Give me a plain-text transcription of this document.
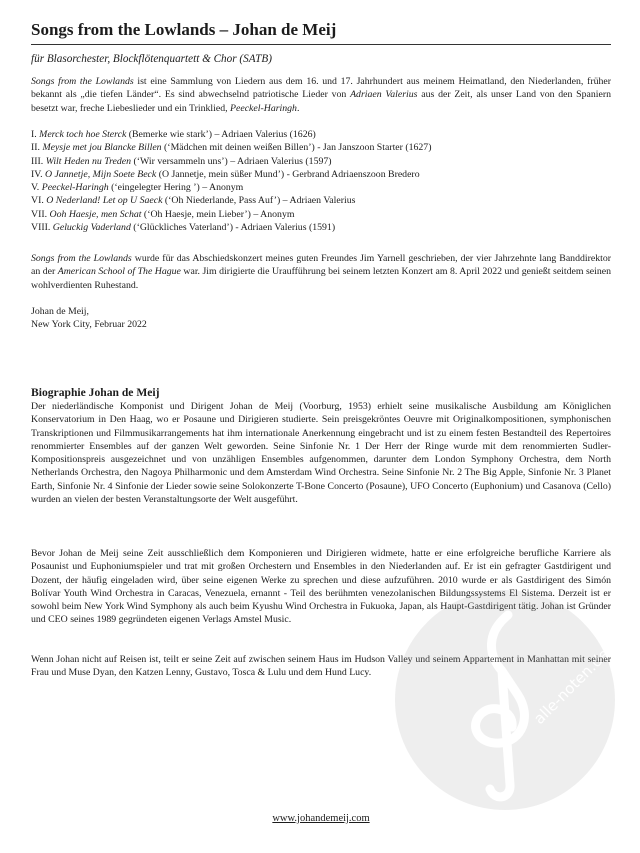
Songs from the Lowlands – Johan de Meij
für Blasorchester, Blockflötenquartett & Chor (SATB)

Songs from the Lowlands ist eine Sammlung von Liedern aus dem 16. und 17. Jahrhundert aus meinem Heimatland, den Niederlanden, früher bekannt als „die tiefen Länder“. Es sind abwechselnd patriotische Lieder von Adriaen Valerius aus der Zeit, als unser Land von den Spaniern besetzt war, freche Liebeslieder und ein Trinklied, Peeckel-Haringh.

I. Merck toch hoe Sterck (Bemerke wie stark’) – Adriaen Valerius (1626)
II. Meysje met jou Blancke Billen (‘Mädchen mit deinen weißen Billen’) - Jan Janszoon Starter (1627)
III. Wilt Heden nu Treden (‘Wir versammeln uns’) – Adriaen Valerius (1597)
IV. O Jannetje, Mijn Soete Beck (O Jannetje, mein süßer Mund’) - Gerbrand Adriaenszoon Bredero
V. Peeckel-Haringh (‘eingelegter Hering ’) – Anonym
VI. O Nederland! Let op U Saeck (‘Oh Niederlande, Pass Auf’) – Adriaen Valerius
VII. Ooh Haesje, men Schat (‘Oh Haesje, mein Lieber’) – Anonym
VIII. Geluckig Vaderland (‘Glückliches Vaterland’) - Adriaen Valerius (1591)

Songs from the Lowlands wurde für das Abschiedskonzert meines guten Freundes Jim Yarnell geschrieben, der vier Jahrzehnte lang Banddirektor an der American School of The Hague war. Jim dirigierte die Uraufführung bei seinem letzten Konzert am 8. April 2022 und genießt seitdem seinen wohlverdienten Ruhestand.

Johan de Meij,
New York City, Februar 2022
Biographie Johan de Meij

Der niederländische Komponist und Dirigent Johan de Meij (Voorburg, 1953) erhielt seine musikalische Ausbildung am Königlichen Konservatorium in Den Haag, wo er Posaune und Dirigieren studierte. Sein preisgekröntes Oeuvre mit Originalkompositionen, symphonischen Transkriptionen und Filmmusikarrangements hat ihm internationale Anerkennung eingebracht und ist zu einem festen Bestandteil des Repertoires renommierter Ensembles auf der ganzen Welt geworden. Seine Sinfonie Nr. 1 Der Herr der Ringe wurde mit dem renommierten Sudler-Kompositionspreis ausgezeichnet und von unzähligen Ensembles aufgenommen, darunter dem London Symphony Orchestra, dem North Netherlands Orchestra, den Nagoya Philharmonic und dem Amsterdam Wind Orchestra. Seine Sinfonie Nr. 2 The Big Apple, Sinfonie Nr. 3 Planet Earth, Sinfonie Nr. 4 Sinfonie der Lieder sowie seine Solokonzerte T-Bone Concerto (Posaune), UFO Concerto (Euphonium) und Casanova (Cello) wurden an vielen der besten Veranstaltungsorte der Welt ausgeführt.

Bevor Johan de Meij seine Zeit ausschließlich dem Komponieren und Dirigieren widmete, hatte er eine erfolgreiche berufliche Karriere als Posaunist und Euphoniumspieler und trat mit großen Orchestern und Ensembles in den Niederlanden auf. Er ist ein gefragter Gastdirigent und Dozent, der häufig eingeladen wird, über seine eigenen Werke zu sprechen und diese aufzuführen. 2010 wurde er als Gastdirigent des Simón Bolívar Youth Wind Orchestra in Caracas, Venezuela, ernannt - Teil des berühmten venezolanischen Bildungssystems El Sistema. Derzeit ist er sowohl beim New York Wind Symphony als auch beim Kyushu Wind Orchestra in Fukuoka, Japan, als Haupt-Gastdirigent tätig. Johan ist Gründer und CEO seines 1989 gegründeten eigenen Verlags Amstel Music.

Wenn Johan nicht auf Reisen ist, teilt er seine Zeit auf zwischen seinem Haus im Hudson Valley und seinem Appartement in Manhattan mit seiner Frau und Muse Dyan, den Katzen Lenny, Gustavo, Tosca & Lulu und dem Hund Lucy.

www.johandemeij.com
alle-noten.de
